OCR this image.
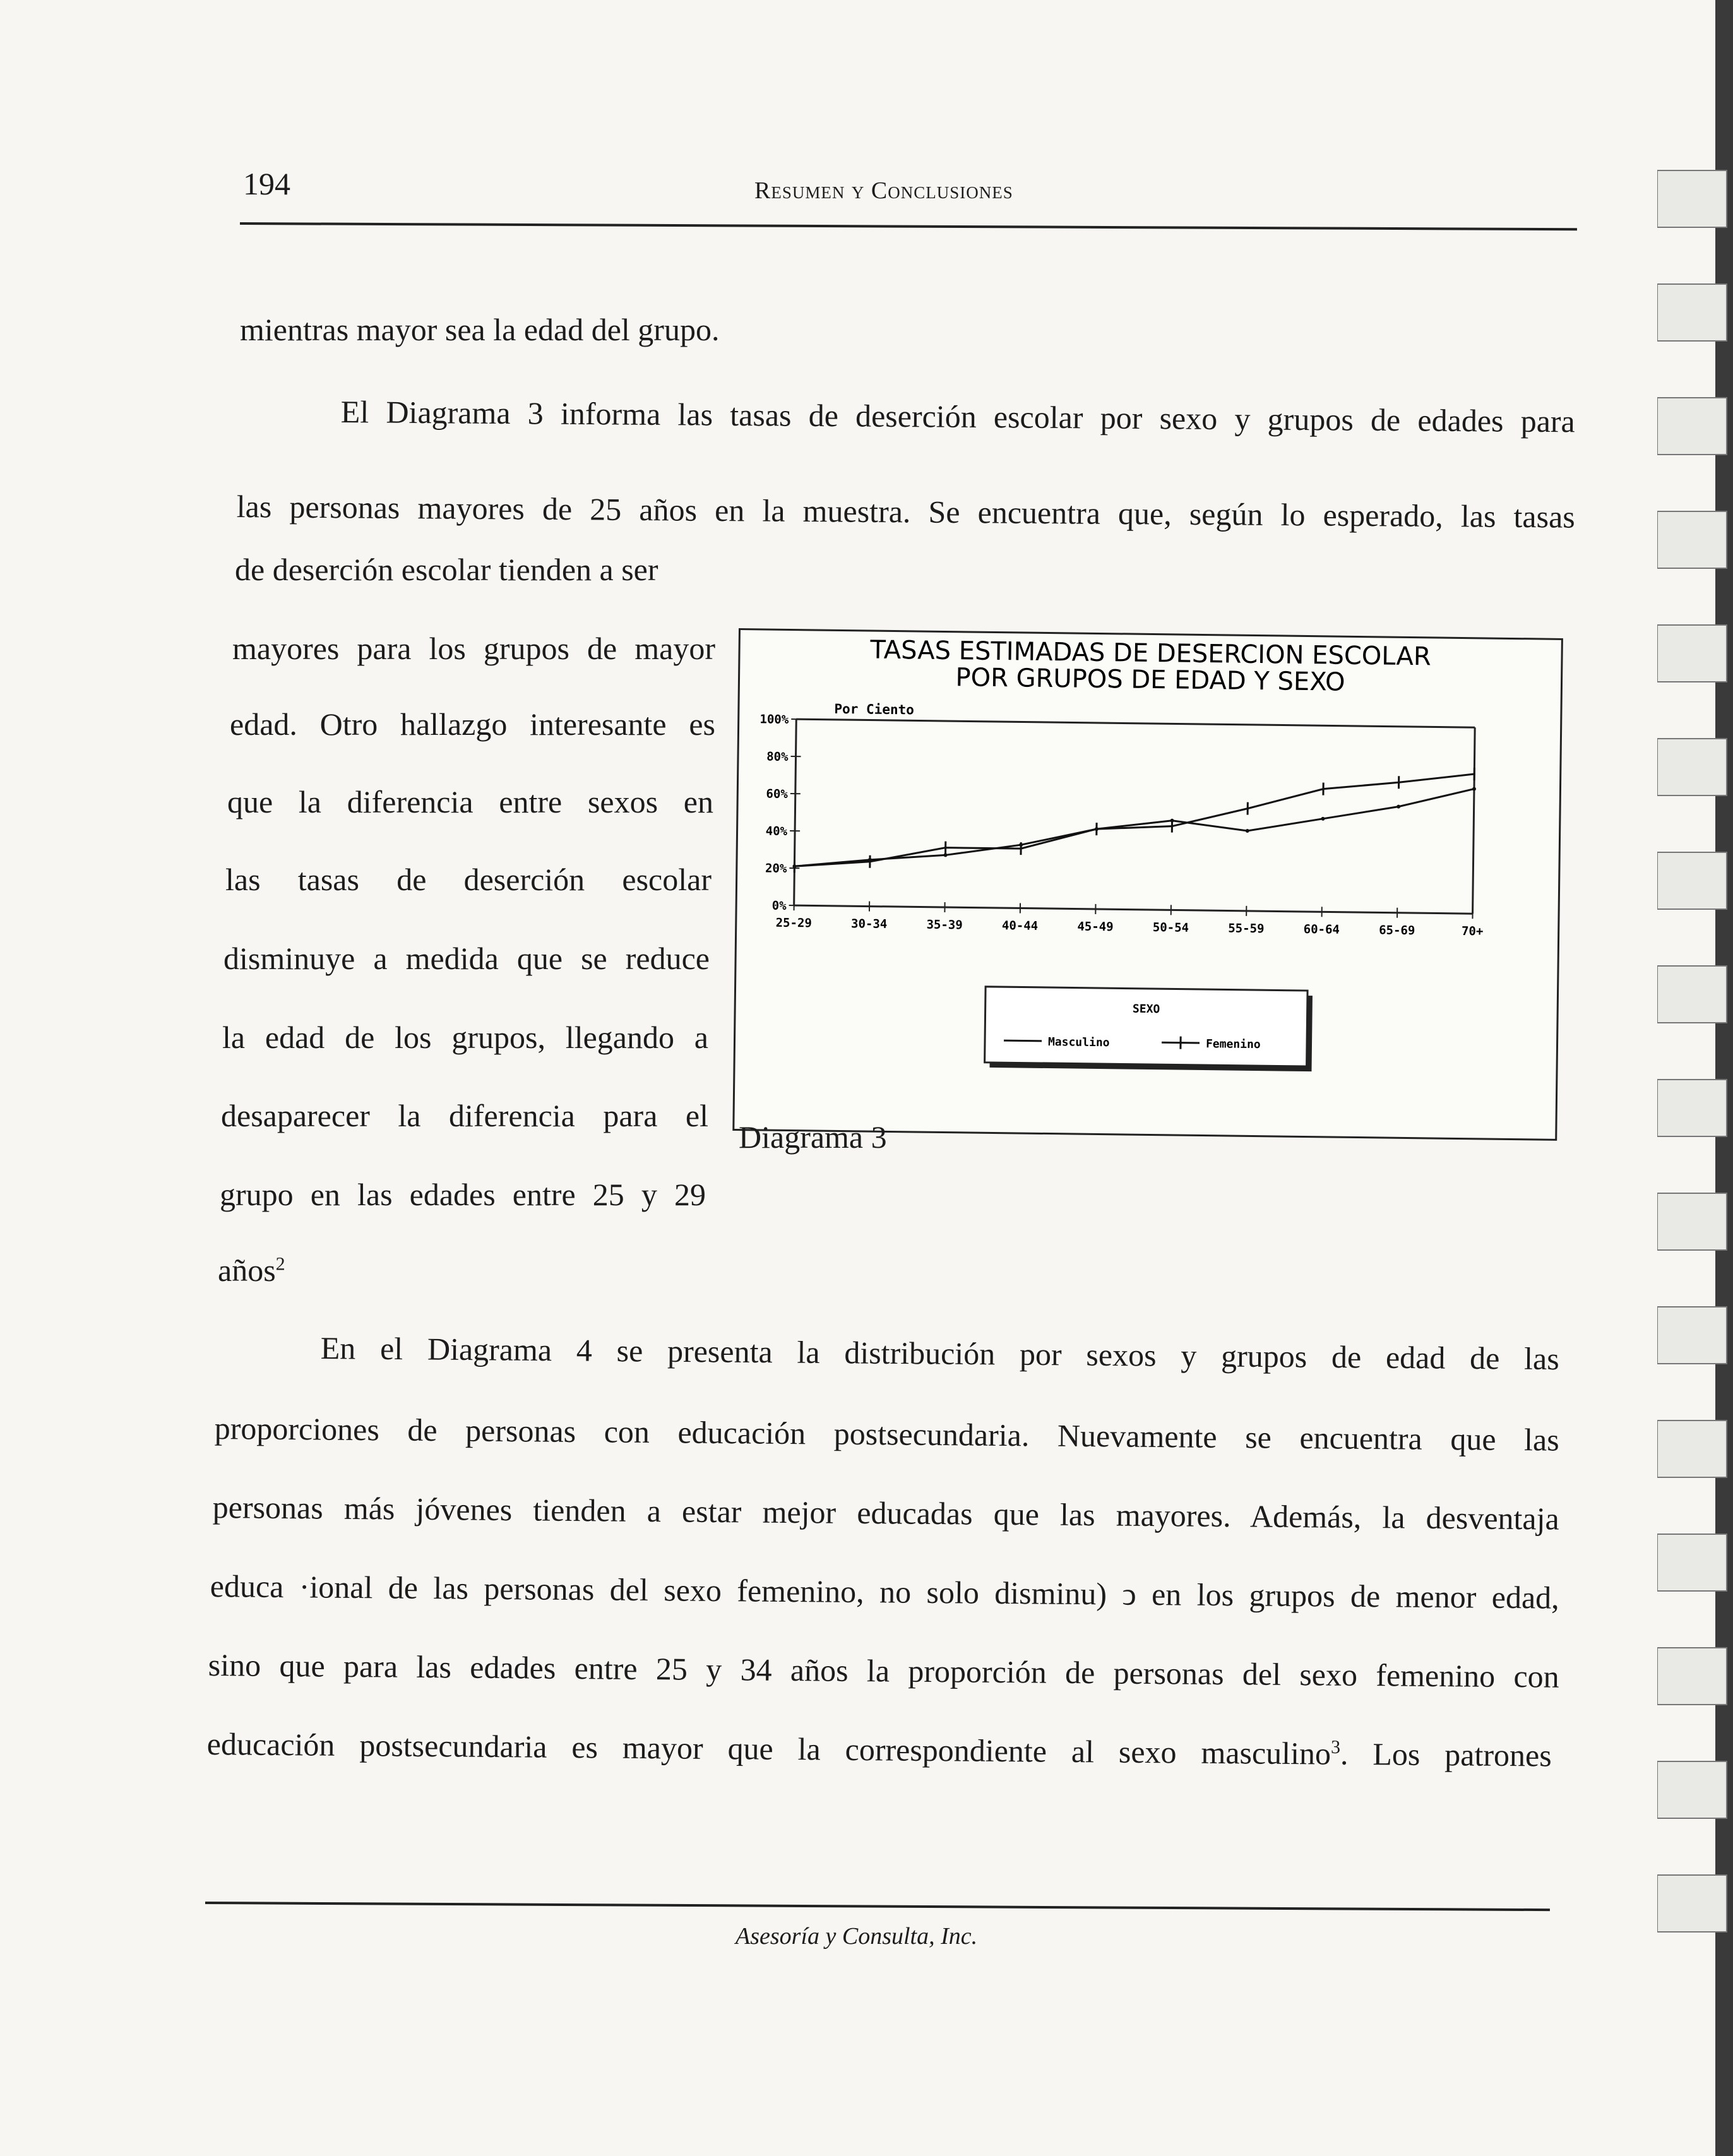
194	Resumen y Conclusiones
mientras mayor sea la edad del grupo.
El Diagrama 3 informa las tasas de deserción escolar por sexo y grupos de edades para
las personas mayores de 25 años en la muestra. Se encuentra que, según lo esperado, las tasas
de deserción escolar tienden a ser
mayores para los grupos de mayor
edad. Otro hallazgo interesante es
que la diferencia entre sexos en
las tasas de deserción escolar
disminuye a medida que se reduce
la edad de los grupos, llegando a
desaparecer la diferencia para el
grupo en las edades entre 25 y 29
años$^2$
TASAS ESTIMADAS DE DESERCION ESCOLAR
POR GRUPOS DE EDAD Y SEXO
Por Ciento
0%
20%
40%
60%
80%
100%
25-29	30-34	35-39	40-44	45-49	50-54	55-59	60-64	65-69	70+
SEXO
Masculino	Femenino
Diagrama 3
En el Diagrama 4 se presenta la distribución por sexos y grupos de edad de las
proporciones de personas con educación postsecundaria. Nuevamente se encuentra que las
personas más jóvenes tienden a estar mejor educadas que las mayores. Además, la desventaja
educa ·ional de las personas del sexo femenino, no solo disminu) ͻ en los grupos de menor edad,
sino que para las edades entre 25 y 34 años la proporción de personas del sexo femenino con
educación postsecundaria es mayor que la correspondiente al sexo masculino$^3$. Los patrones
Asesoría y Consulta, Inc.
